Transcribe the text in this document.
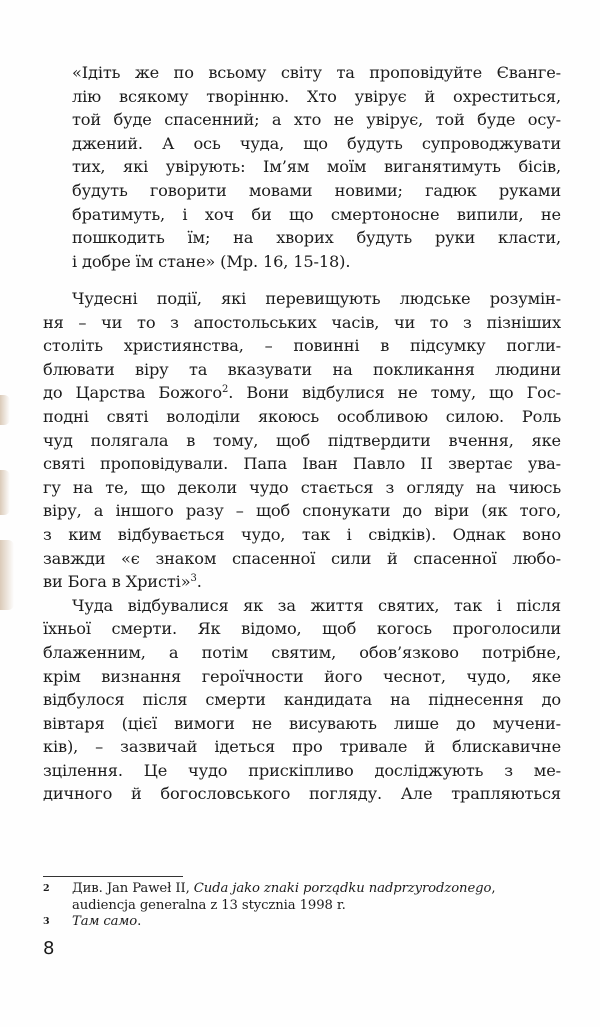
«Ідіть же по всьому світу та проповідуйте Єванге-
лію всякому творінню. Хто увірує й охреститься,
той буде спасенний; а хто не увірує, той буде осу-
джений. А ось чуда, що будуть супроводжувати
тих, які увірують: Ім’ям моїм виганятимуть бісів,
будуть говорити мовами новими; гадюк руками
братимуть, і хоч би що смертоносне випили, не
пошкодить їм; на хворих будуть руки класти,
і добре їм стане» (Мр. 16, 15-18).
Чудесні події, які перевищують людське розумін-
ня – чи то з апостольських часів, чи то з пізніших
століть християнства, – повинні в підсумку погли-
блювати віру та вказувати на покликання людини
до Царства Божого$^2$. Вони відбулися не тому, що Гос-
подні святі володіли якоюсь особливою силою. Роль
чуд полягала в тому, щоб підтвердити вчення, яке
святі проповідували. Папа Іван Павло ІІ звертає ува-
гу на те, що деколи чудо стається з огляду на чиюсь
віру, а іншого разу – щоб спонукати до віри (як того,
з ким відбувається чудо, так і свідків). Однак воно
завжди «є знаком спасенної сили й спасенної любо-
ви Бога в Христі»$^3$.
Чуда відбувалися як за життя святих, так і після
їхньої смерти. Як відомо, щоб когось проголосили
блаженним, а потім святим, обов’язково потрібне,
крім визнання героїчности його чеснот, чудо, яке
відбулося після смерти кандидата на піднесення до
вівтаря (цієї вимоги не висувають лише до мучени-
ків), – зазвичай ідеться про тривале й блискавичне
зцілення. Це чудо прискіпливо досліджують з ме-
дичного й богословського погляду. Але трапляються
2 Див. Jan Paweł II, Cuda jako znaki porządku nadprzyrodzonego,
audiencja generalna z 13 stycznia 1998 r.
3 Там само.
8
